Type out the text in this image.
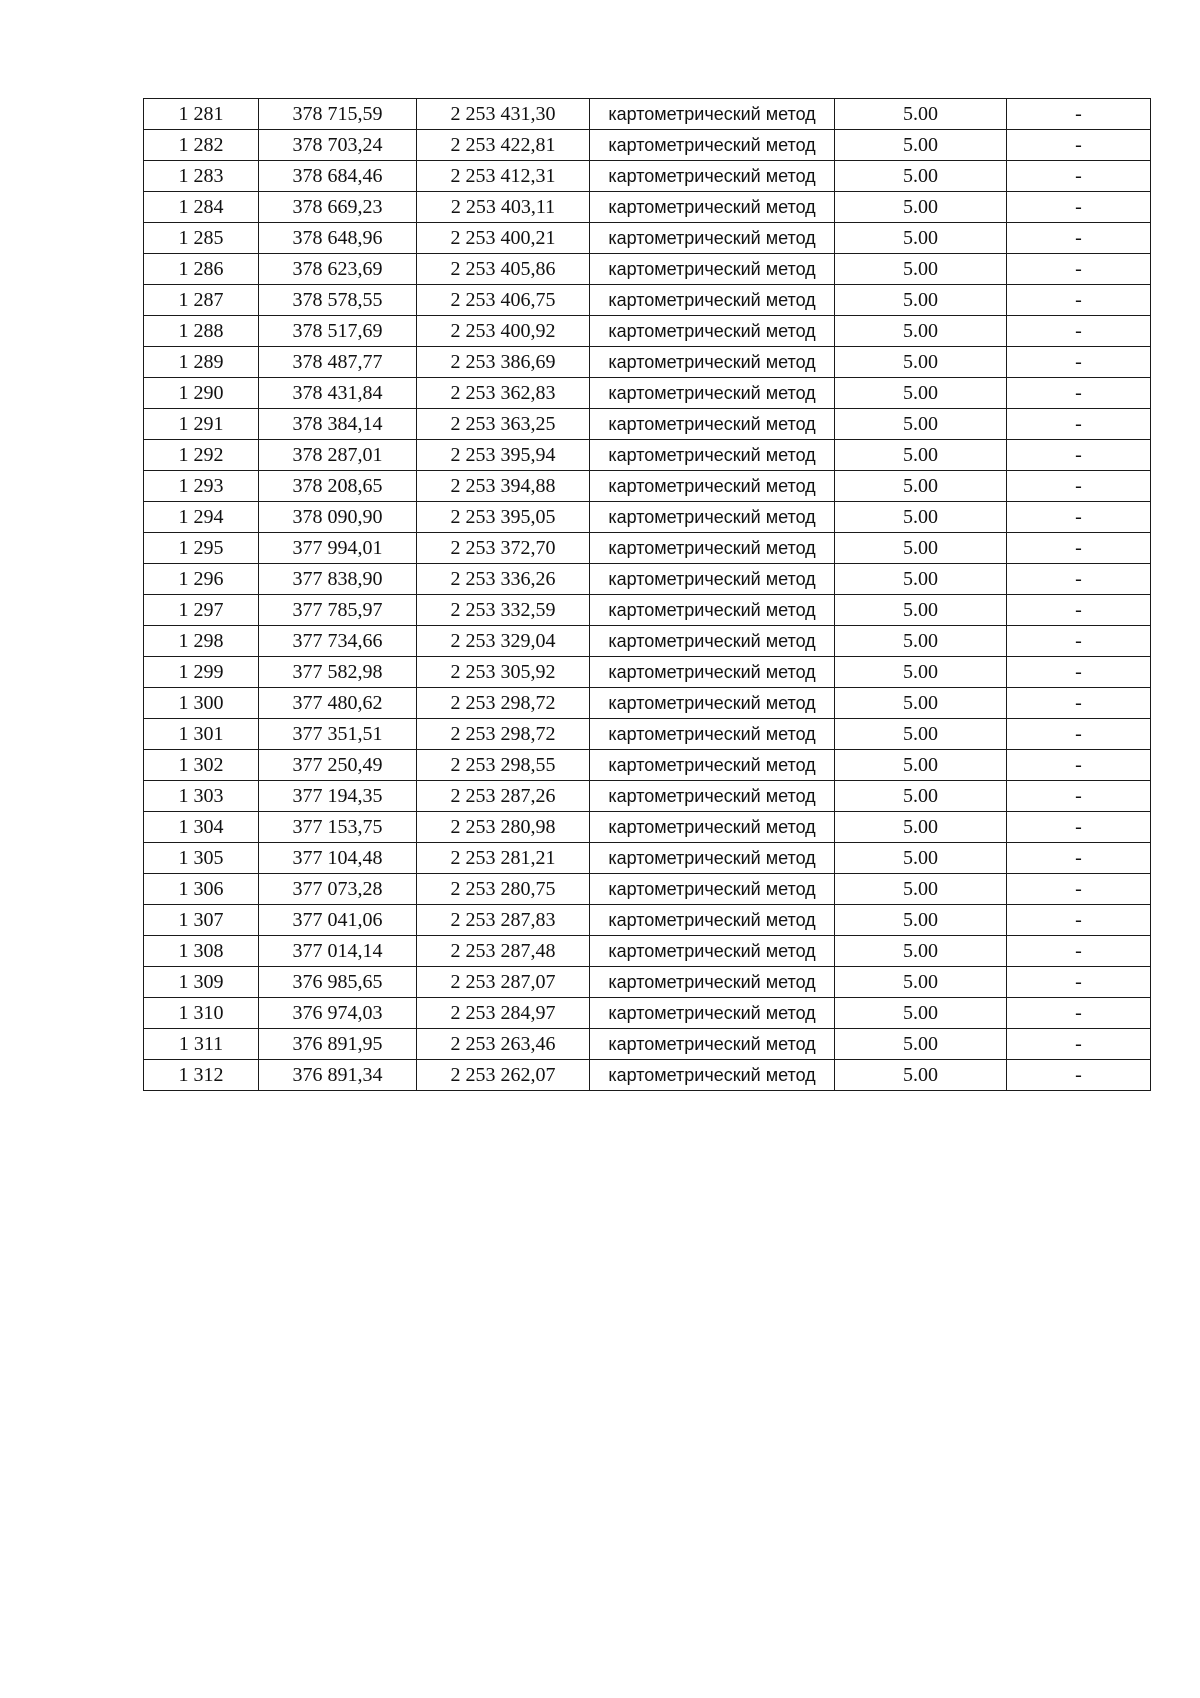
1 281	378 715,59	2 253 431,30	картометрический метод	5.00	-
1 282	378 703,24	2 253 422,81	картометрический метод	5.00	-
1 283	378 684,46	2 253 412,31	картометрический метод	5.00	-
1 284	378 669,23	2 253 403,11	картометрический метод	5.00	-
1 285	378 648,96	2 253 400,21	картометрический метод	5.00	-
1 286	378 623,69	2 253 405,86	картометрический метод	5.00	-
1 287	378 578,55	2 253 406,75	картометрический метод	5.00	-
1 288	378 517,69	2 253 400,92	картометрический метод	5.00	-
1 289	378 487,77	2 253 386,69	картометрический метод	5.00	-
1 290	378 431,84	2 253 362,83	картометрический метод	5.00	-
1 291	378 384,14	2 253 363,25	картометрический метод	5.00	-
1 292	378 287,01	2 253 395,94	картометрический метод	5.00	-
1 293	378 208,65	2 253 394,88	картометрический метод	5.00	-
1 294	378 090,90	2 253 395,05	картометрический метод	5.00	-
1 295	377 994,01	2 253 372,70	картометрический метод	5.00	-
1 296	377 838,90	2 253 336,26	картометрический метод	5.00	-
1 297	377 785,97	2 253 332,59	картометрический метод	5.00	-
1 298	377 734,66	2 253 329,04	картометрический метод	5.00	-
1 299	377 582,98	2 253 305,92	картометрический метод	5.00	-
1 300	377 480,62	2 253 298,72	картометрический метод	5.00	-
1 301	377 351,51	2 253 298,72	картометрический метод	5.00	-
1 302	377 250,49	2 253 298,55	картометрический метод	5.00	-
1 303	377 194,35	2 253 287,26	картометрический метод	5.00	-
1 304	377 153,75	2 253 280,98	картометрический метод	5.00	-
1 305	377 104,48	2 253 281,21	картометрический метод	5.00	-
1 306	377 073,28	2 253 280,75	картометрический метод	5.00	-
1 307	377 041,06	2 253 287,83	картометрический метод	5.00	-
1 308	377 014,14	2 253 287,48	картометрический метод	5.00	-
1 309	376 985,65	2 253 287,07	картометрический метод	5.00	-
1 310	376 974,03	2 253 284,97	картометрический метод	5.00	-
1 311	376 891,95	2 253 263,46	картометрический метод	5.00	-
1 312	376 891,34	2 253 262,07	картометрический метод	5.00	-
